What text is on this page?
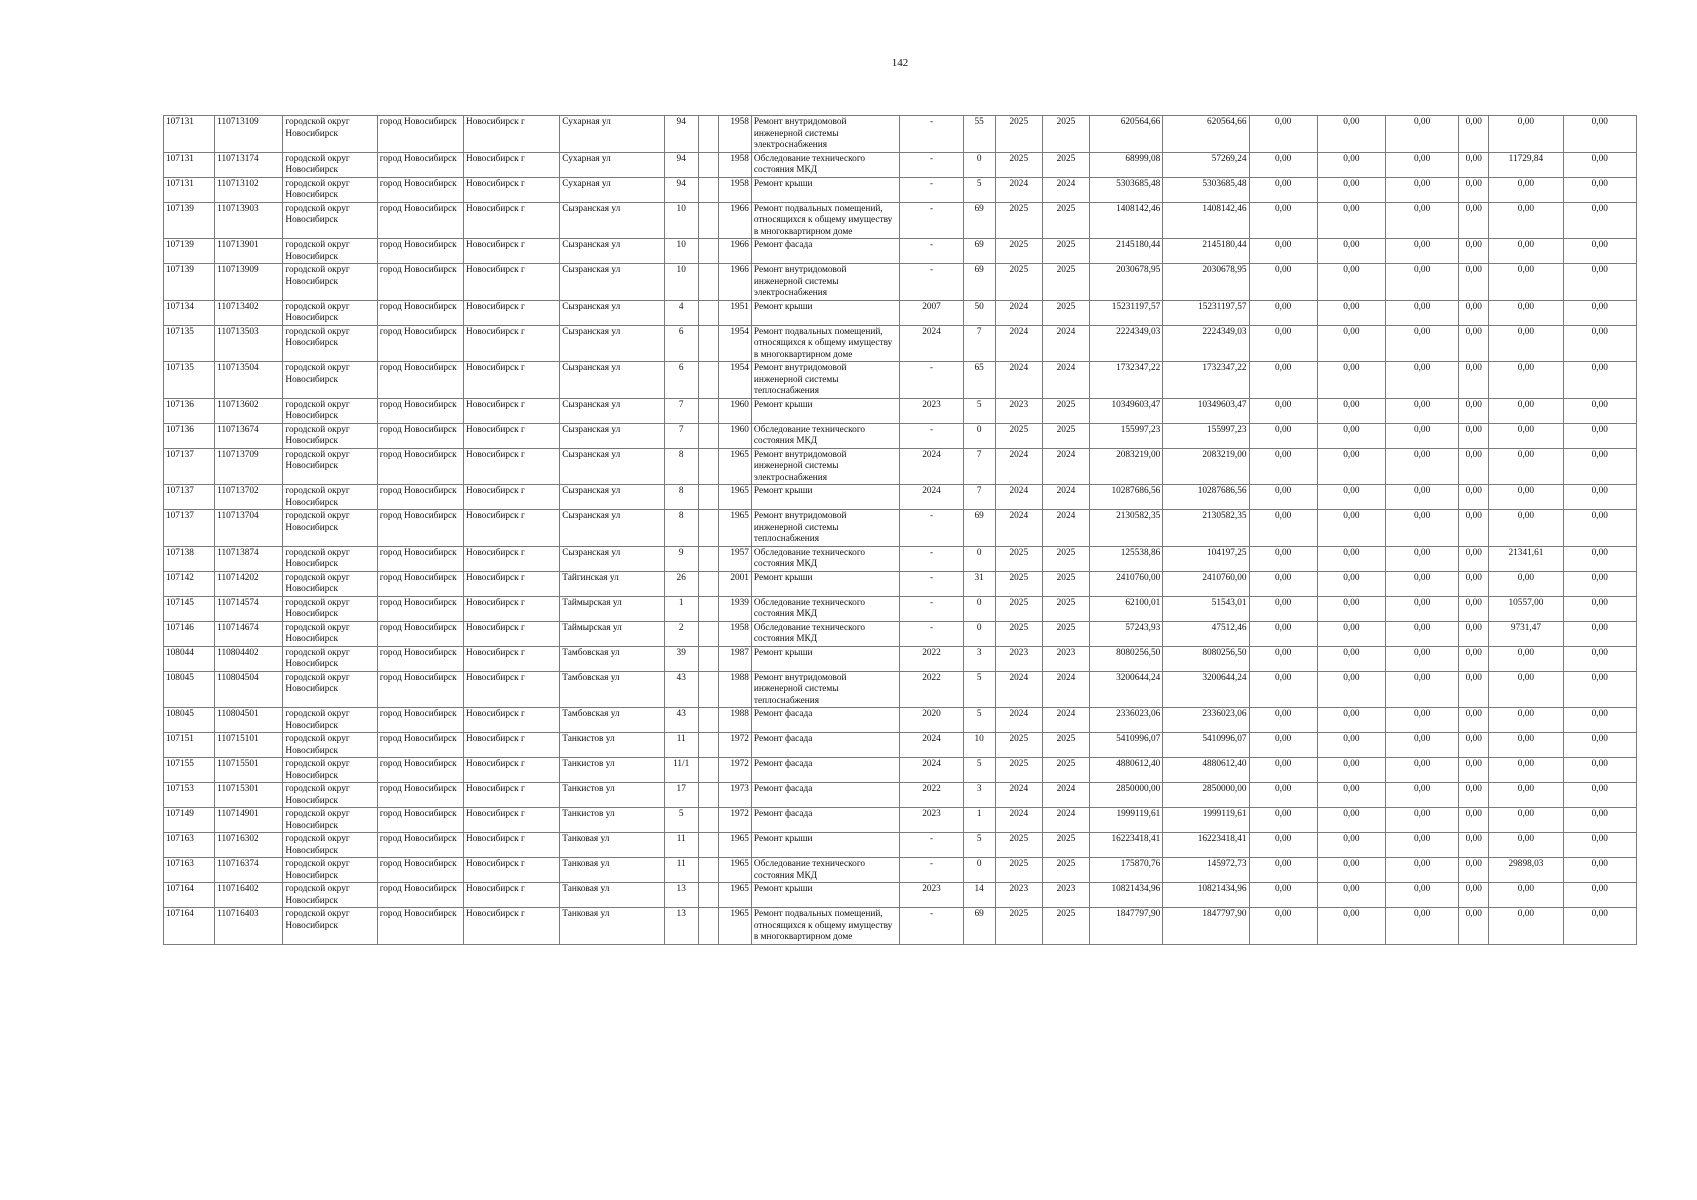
142
107131	110713109	городской округ Новосибирск	город Новосибирск	Новосибирск г	Сухарная ул	94		1958	Ремонт внутридомовой инженерной системы электроснабжения	-	55	2025	2025	620564,66	620564,66	0,00	0,00	0,00	0,00	0,00	0,00
107131	110713174	городской округ Новосибирск	город Новосибирск	Новосибирск г	Сухарная ул	94		1958	Обследование технического состояния МКД	-	0	2025	2025	68999,08	57269,24	0,00	0,00	0,00	0,00	11729,84	0,00
107131	110713102	городской округ Новосибирск	город Новосибирск	Новосибирск г	Сухарная ул	94		1958	Ремонт крыши	-	5	2024	2024	5303685,48	5303685,48	0,00	0,00	0,00	0,00	0,00	0,00
107139	110713903	городской округ Новосибирск	город Новосибирск	Новосибирск г	Сызранская ул	10		1966	Ремонт подвальных помещений, относящихся к общему имуществу в многоквартирном доме	-	69	2025	2025	1408142,46	1408142,46	0,00	0,00	0,00	0,00	0,00	0,00
107139	110713901	городской округ Новосибирск	город Новосибирск	Новосибирск г	Сызранская ул	10		1966	Ремонт фасада	-	69	2025	2025	2145180,44	2145180,44	0,00	0,00	0,00	0,00	0,00	0,00
107139	110713909	городской округ Новосибирск	город Новосибирск	Новосибирск г	Сызранская ул	10		1966	Ремонт внутридомовой инженерной системы электроснабжения	-	69	2025	2025	2030678,95	2030678,95	0,00	0,00	0,00	0,00	0,00	0,00
107134	110713402	городской округ Новосибирск	город Новосибирск	Новосибирск г	Сызранская ул	4		1951	Ремонт крыши	2007	50	2024	2025	15231197,57	15231197,57	0,00	0,00	0,00	0,00	0,00	0,00
107135	110713503	городской округ Новосибирск	город Новосибирск	Новосибирск г	Сызранская ул	6		1954	Ремонт подвальных помещений, относящихся к общему имуществу в многоквартирном доме	2024	7	2024	2024	2224349,03	2224349,03	0,00	0,00	0,00	0,00	0,00	0,00
107135	110713504	городской округ Новосибирск	город Новосибирск	Новосибирск г	Сызранская ул	6		1954	Ремонт внутридомовой инженерной системы теплоснабжения	-	65	2024	2024	1732347,22	1732347,22	0,00	0,00	0,00	0,00	0,00	0,00
107136	110713602	городской округ Новосибирск	город Новосибирск	Новосибирск г	Сызранская ул	7		1960	Ремонт крыши	2023	5	2023	2025	10349603,47	10349603,47	0,00	0,00	0,00	0,00	0,00	0,00
107136	110713674	городской округ Новосибирск	город Новосибирск	Новосибирск г	Сызранская ул	7		1960	Обследование технического состояния МКД	-	0	2025	2025	155997,23	155997,23	0,00	0,00	0,00	0,00	0,00	0,00
107137	110713709	городской округ Новосибирск	город Новосибирск	Новосибирск г	Сызранская ул	8		1965	Ремонт внутридомовой инженерной системы электроснабжения	2024	7	2024	2024	2083219,00	2083219,00	0,00	0,00	0,00	0,00	0,00	0,00
107137	110713702	городской округ Новосибирск	город Новосибирск	Новосибирск г	Сызранская ул	8		1965	Ремонт крыши	2024	7	2024	2024	10287686,56	10287686,56	0,00	0,00	0,00	0,00	0,00	0,00
107137	110713704	городской округ Новосибирск	город Новосибирск	Новосибирск г	Сызранская ул	8		1965	Ремонт внутридомовой инженерной системы теплоснабжения	-	69	2024	2024	2130582,35	2130582,35	0,00	0,00	0,00	0,00	0,00	0,00
107138	110713874	городской округ Новосибирск	город Новосибирск	Новосибирск г	Сызранская ул	9		1957	Обследование технического состояния МКД	-	0	2025	2025	125538,86	104197,25	0,00	0,00	0,00	0,00	21341,61	0,00
107142	110714202	городской округ Новосибирск	город Новосибирск	Новосибирск г	Тайгинская ул	26		2001	Ремонт крыши	-	31	2025	2025	2410760,00	2410760,00	0,00	0,00	0,00	0,00	0,00	0,00
107145	110714574	городской округ Новосибирск	город Новосибирск	Новосибирск г	Таймырская ул	1		1939	Обследование технического состояния МКД	-	0	2025	2025	62100,01	51543,01	0,00	0,00	0,00	0,00	10557,00	0,00
107146	110714674	городской округ Новосибирск	город Новосибирск	Новосибирск г	Таймырская ул	2		1958	Обследование технического состояния МКД	-	0	2025	2025	57243,93	47512,46	0,00	0,00	0,00	0,00	9731,47	0,00
108044	110804402	городской округ Новосибирск	город Новосибирск	Новосибирск г	Тамбовская ул	39		1987	Ремонт крыши	2022	3	2023	2023	8080256,50	8080256,50	0,00	0,00	0,00	0,00	0,00	0,00
108045	110804504	городской округ Новосибирск	город Новосибирск	Новосибирск г	Тамбовская ул	43		1988	Ремонт внутридомовой инженерной системы теплоснабжения	2022	5	2024	2024	3200644,24	3200644,24	0,00	0,00	0,00	0,00	0,00	0,00
108045	110804501	городской округ Новосибирск	город Новосибирск	Новосибирск г	Тамбовская ул	43		1988	Ремонт фасада	2020	5	2024	2024	2336023,06	2336023,06	0,00	0,00	0,00	0,00	0,00	0,00
107151	110715101	городской округ Новосибирск	город Новосибирск	Новосибирск г	Танкистов ул	11		1972	Ремонт фасада	2024	10	2025	2025	5410996,07	5410996,07	0,00	0,00	0,00	0,00	0,00	0,00
107155	110715501	городской округ Новосибирск	город Новосибирск	Новосибирск г	Танкистов ул	11/1		1972	Ремонт фасада	2024	5	2025	2025	4880612,40	4880612,40	0,00	0,00	0,00	0,00	0,00	0,00
107153	110715301	городской округ Новосибирск	город Новосибирск	Новосибирск г	Танкистов ул	17		1973	Ремонт фасада	2022	3	2024	2024	2850000,00	2850000,00	0,00	0,00	0,00	0,00	0,00	0,00
107149	110714901	городской округ Новосибирск	город Новосибирск	Новосибирск г	Танкистов ул	5		1972	Ремонт фасада	2023	1	2024	2024	1999119,61	1999119,61	0,00	0,00	0,00	0,00	0,00	0,00
107163	110716302	городской округ Новосибирск	город Новосибирск	Новосибирск г	Танковая ул	11		1965	Ремонт крыши	-	5	2025	2025	16223418,41	16223418,41	0,00	0,00	0,00	0,00	0,00	0,00
107163	110716374	городской округ Новосибирск	город Новосибирск	Новосибирск г	Танковая ул	11		1965	Обследование технического состояния МКД	-	0	2025	2025	175870,76	145972,73	0,00	0,00	0,00	0,00	29898,03	0,00
107164	110716402	городской округ Новосибирск	город Новосибирск	Новосибирск г	Танковая ул	13		1965	Ремонт крыши	2023	14	2023	2023	10821434,96	10821434,96	0,00	0,00	0,00	0,00	0,00	0,00
107164	110716403	городской округ Новосибирск	город Новосибирск	Новосибирск г	Танковая ул	13		1965	Ремонт подвальных помещений, относящихся к общему имуществу в многоквартирном доме	-	69	2025	2025	1847797,90	1847797,90	0,00	0,00	0,00	0,00	0,00	0,00
